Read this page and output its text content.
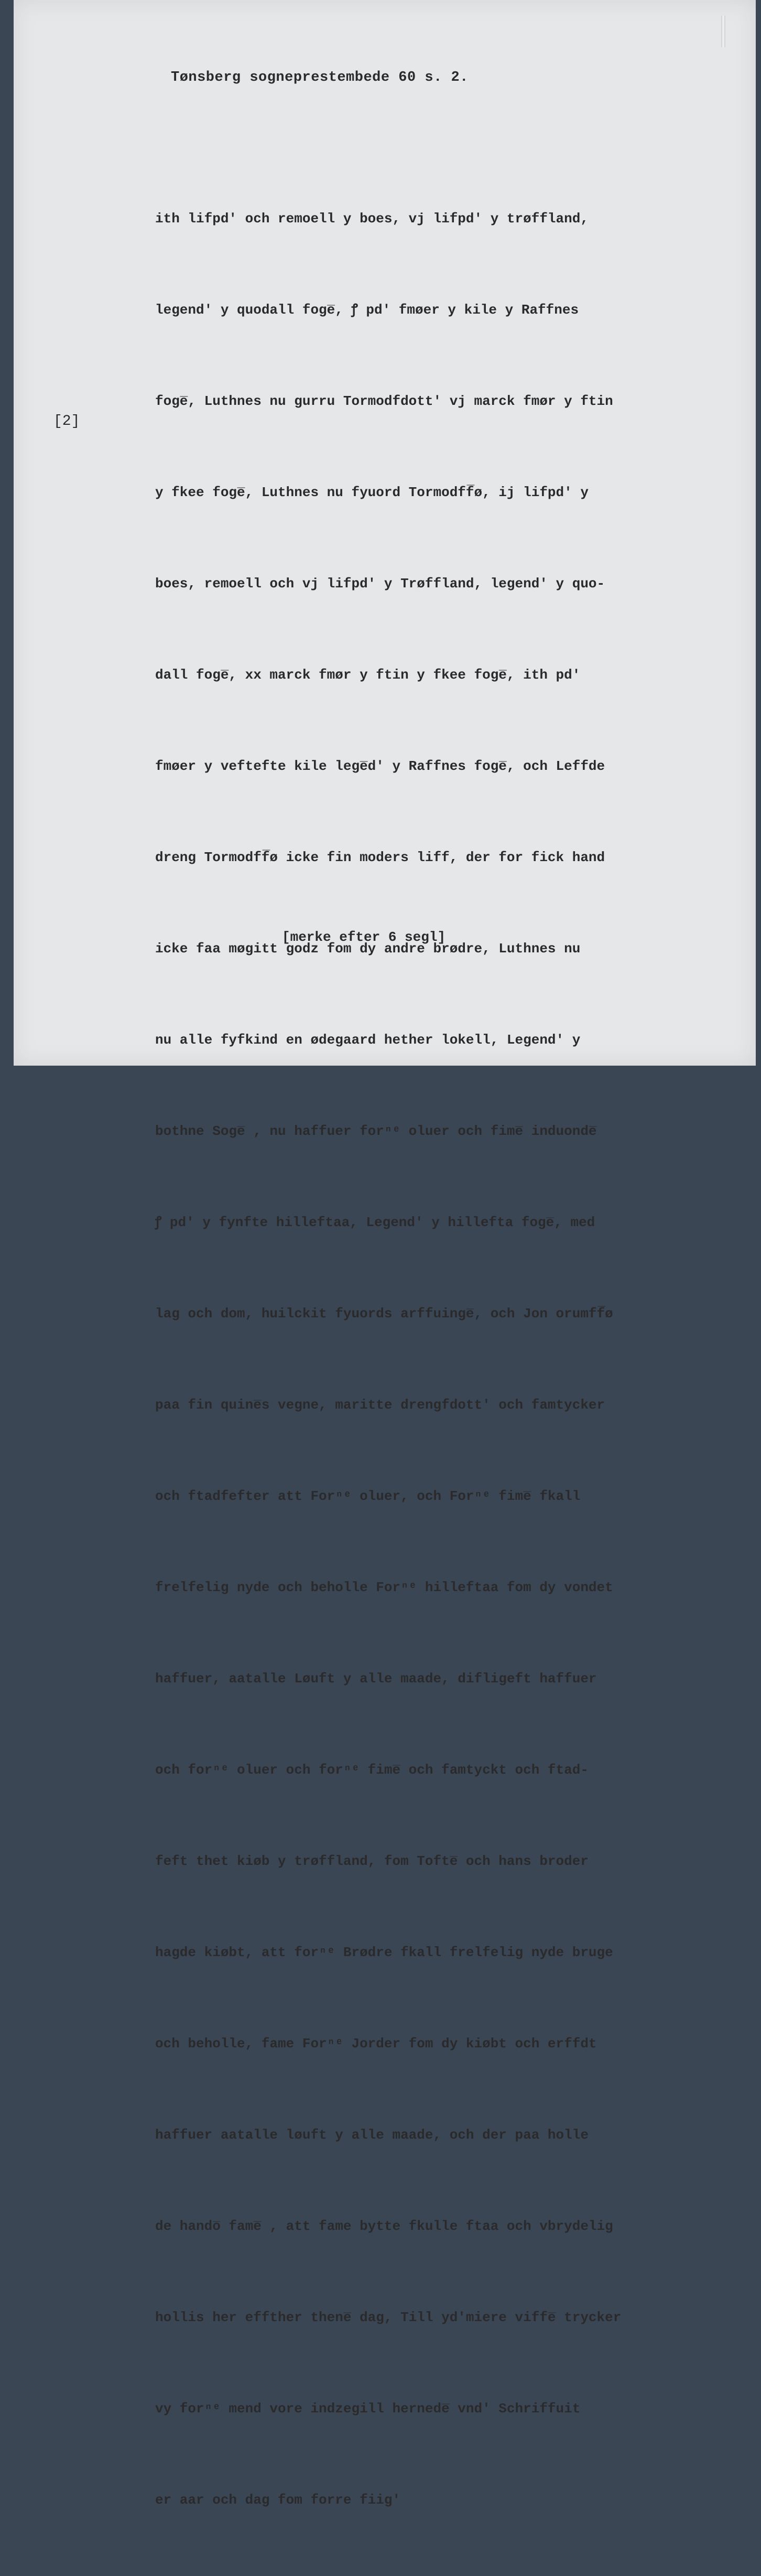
Tønsberg sogneprestembede 60 s. 2.
[2]

ith lifpd' och remoell y boes, vj lifpd' y trøffland,

legend' y quodall foge̅, ꝭ pd' fmøer y kile y Raffnes

foge̅, Luthnes nu gurru Tormodfdott' vj marck fmør y ftin

y fkee foge̅, Luthnes nu fyuord Tormodff̅ø, ij lifpd' y

boes, remoell och vj lifpd' y Trøffland, legend' y quo-

dall foge̅, xx marck fmør y ftin y fkee foge̅, ith pd'

fmøer y veftefte kile lege̅d' y Raffnes foge̅, och Leffde

dreng Tormodff̅ø icke fin moders liff, der for fick hand

icke faa møgitt godz fom dy andre brødre, Luthnes nu

nu alle fyfkind en ødegaard hether lokell, Legend' y

bothne Soge̅ , nu haffuer forⁿᵉ oluer och fime̅ induonde̅

ꝭ pd' y fynfte hilleftaa, Legend' y hillefta foge̅, med

lag och dom, huilckit fyuords arffuinge̅, och Jon orumff̅ø

paa fin quine̅s vegne, maritte drengfdott' och famtycker

och ftadfefter att Forⁿᵉ oluer, och Forⁿᵉ fime̅ fkall

frelfelig nyde och beholle Forⁿᵉ hilleftaa fom dy vondet

haffuer, aatalle Løuft y alle maade, difligeft haffuer

och forⁿᵉ oluer och forⁿᵉ fime̅ och famtyckt och ftad-

feft thet kiøb y trøffland, fom Tofte̅ och hans broder

hagde kiøbt, att forⁿᵉ Brødre fkall frelfelig nyde bruge

och beholle, fame Forⁿᵉ Jorder fom dy kiøbt och erffdt

haffuer aatalle løuft y alle maade, och der paa holle

de hando̅ fame̅ , att fame bytte fkulle ftaa och vbrydelig

hollis her effther thene̅ dag, Till yd'miere viffe̅ trycker

vy forⁿᵉ mend vore indzegill hernede̅ vnd' Schriffuit

er aar och dag fom forre fiig'

[merke efter 6 segl]
